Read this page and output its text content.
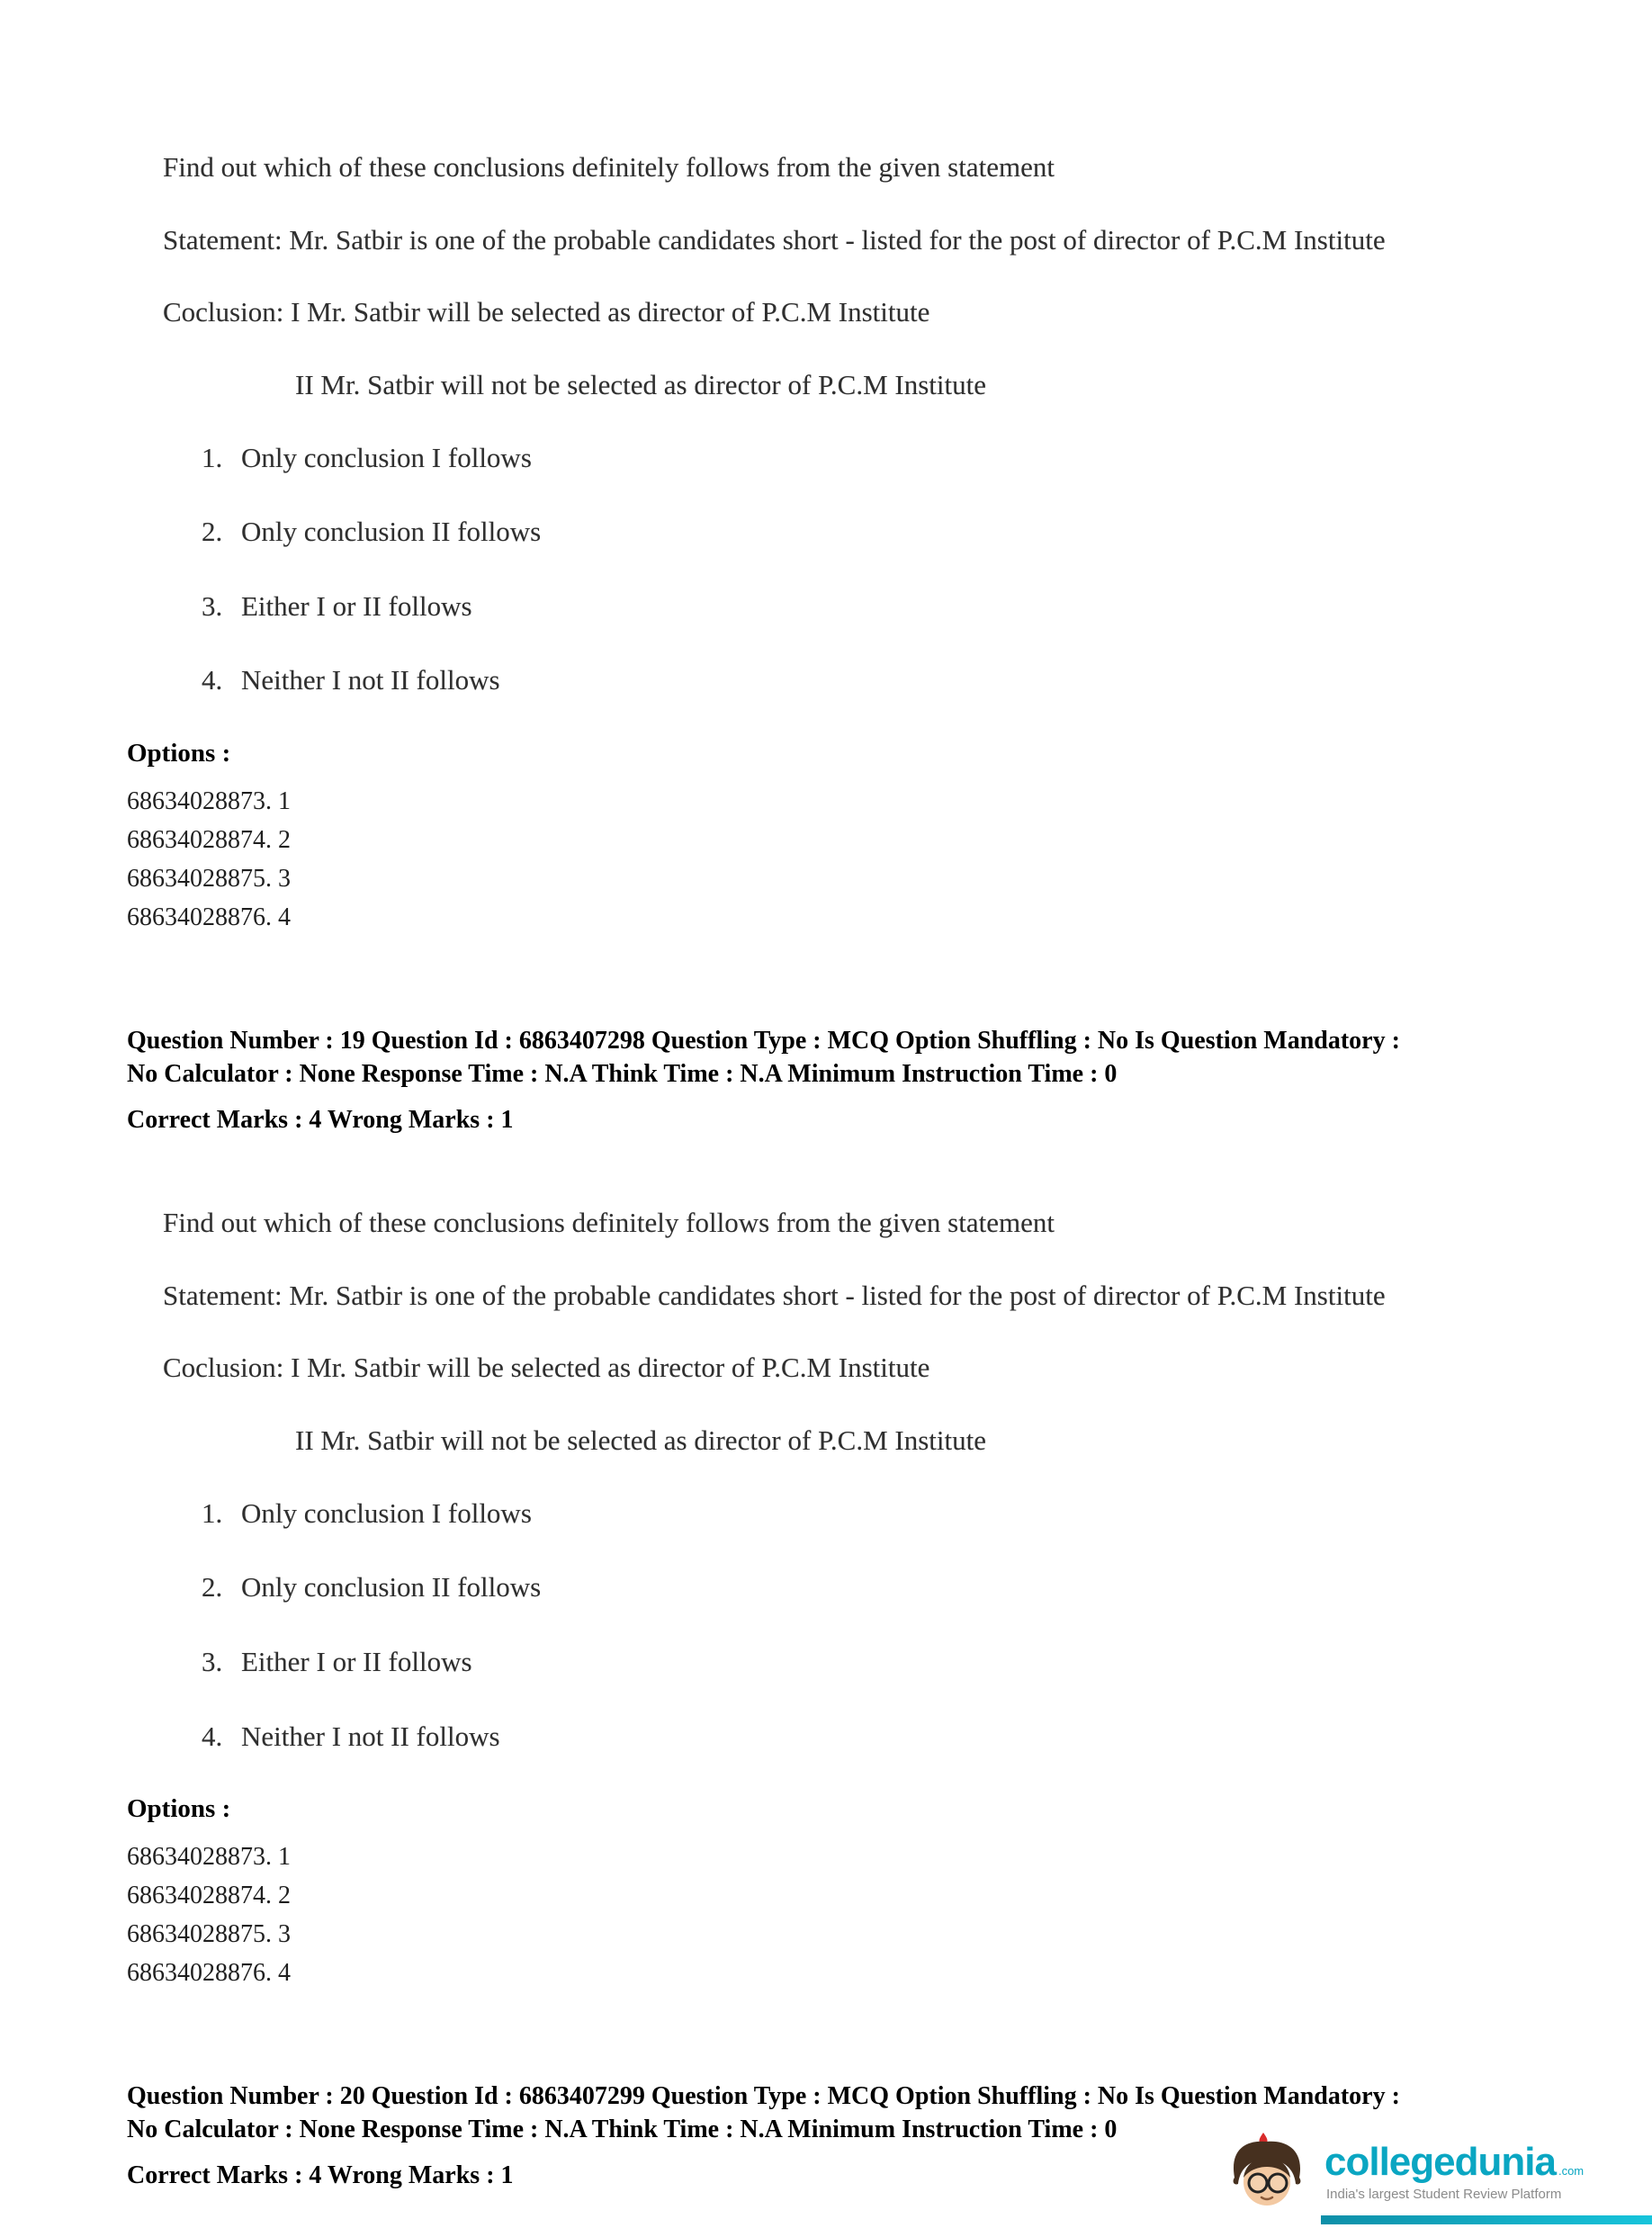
Find out which of these conclusions definitely follows from the given statement
Statement: Mr. Satbir is one of the probable candidates short - listed for the post of director of P.C.M Institute
Coclusion: I Mr. Satbir will be selected as director of P.C.M Institute
II Mr. Satbir will not be selected as director of P.C.M Institute
1. Only conclusion I follows
2. Only conclusion II follows
3. Either I or II follows
4. Neither I not II follows
Options :
68634028873. 1
68634028874. 2
68634028875. 3
68634028876. 4
Question Number : 19 Question Id : 6863407298 Question Type : MCQ Option Shuffling : No Is Question Mandatory :
No Calculator : None Response Time : N.A Think Time : N.A Minimum Instruction Time : 0
Correct Marks : 4 Wrong Marks : 1
Find out which of these conclusions definitely follows from the given statement
Statement: Mr. Satbir is one of the probable candidates short - listed for the post of director of P.C.M Institute
Coclusion: I Mr. Satbir will be selected as director of P.C.M Institute
II Mr. Satbir will not be selected as director of P.C.M Institute
1. Only conclusion I follows
2. Only conclusion II follows
3. Either I or II follows
4. Neither I not II follows
Options :
68634028873. 1
68634028874. 2
68634028875. 3
68634028876. 4
Question Number : 20 Question Id : 6863407299 Question Type : MCQ Option Shuffling : No Is Question Mandatory :
No Calculator : None Response Time : N.A Think Time : N.A Minimum Instruction Time : 0
Correct Marks : 4 Wrong Marks : 1	collegedunia .com
India's largest Student Review Platform
